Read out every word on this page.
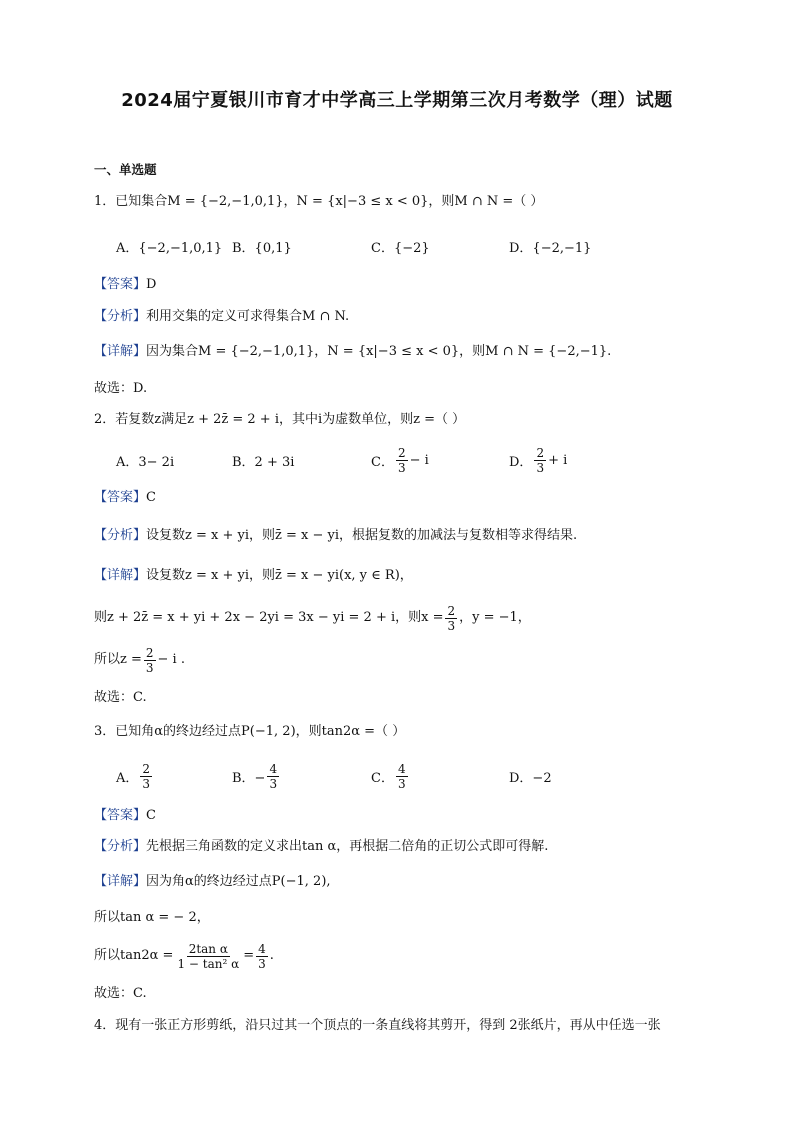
2024届宁夏银川市育才中学高三上学期第三次月考数学（理）试题
一、单选题
1．已知集合M = {−2,−1,0,1}，N = {x|−3 ≤ x < 0}，则M ∩ N =（ ）
A．{−2,−1,0,1} B．{0,1}	C．{−2}	D．{−2,−1}
【答案】D
【分析】利用交集的定义可求得集合M ∩ N.
【详解】因为集合M = {−2,−1,0,1}，N = {x|−3 ≤ x < 0}，则M ∩ N = {−2,−1}.
故选：D.
2．若复数z满足z + 2z̄ = 2 + i，其中i为虚数单位，则z =（ ）
A．3− 2i	B．2 + 3i	C． $\frac{2}{3} - i$	D． $\frac{2}{3} + i$
【答案】C
【分析】设复数z = x + yi，则z̄ = x − yi，根据复数的加减法与复数相等求得结果.
【详解】设复数z = x + yi，则z̄ = x − yi(x, y ∈ R)，
则z + 2z̄ = x + yi + 2x − 2yi = 3x − yi = 2 + i，则$x = \frac{2}{3}$ ，y = −1，
所以$z = \frac{2}{3} - i$ .
故选：C.
3．已知角α的终边经过点P(−1, 2)，则tan2α =（ ）
A． $\frac{2}{3}$	B．− $\frac{4}{3}$	C． $\frac{4}{3}$	D．−2
【答案】C
【分析】先根据三角函数的定义求出tan α，再根据二倍角的正切公式即可得解.
【详解】因为角α的终边经过点P(−1, 2),
所以tan α = − 2，
所以$\tan 2\alpha = \frac{\text{2tan α}}{\text{1 − tan² α}} = \frac{4}{3}$ .
故选：C.
4．现有一张正方形剪纸，沿只过其一个顶点的一条直线将其剪开，得到 2张纸片，再从中任选一张
